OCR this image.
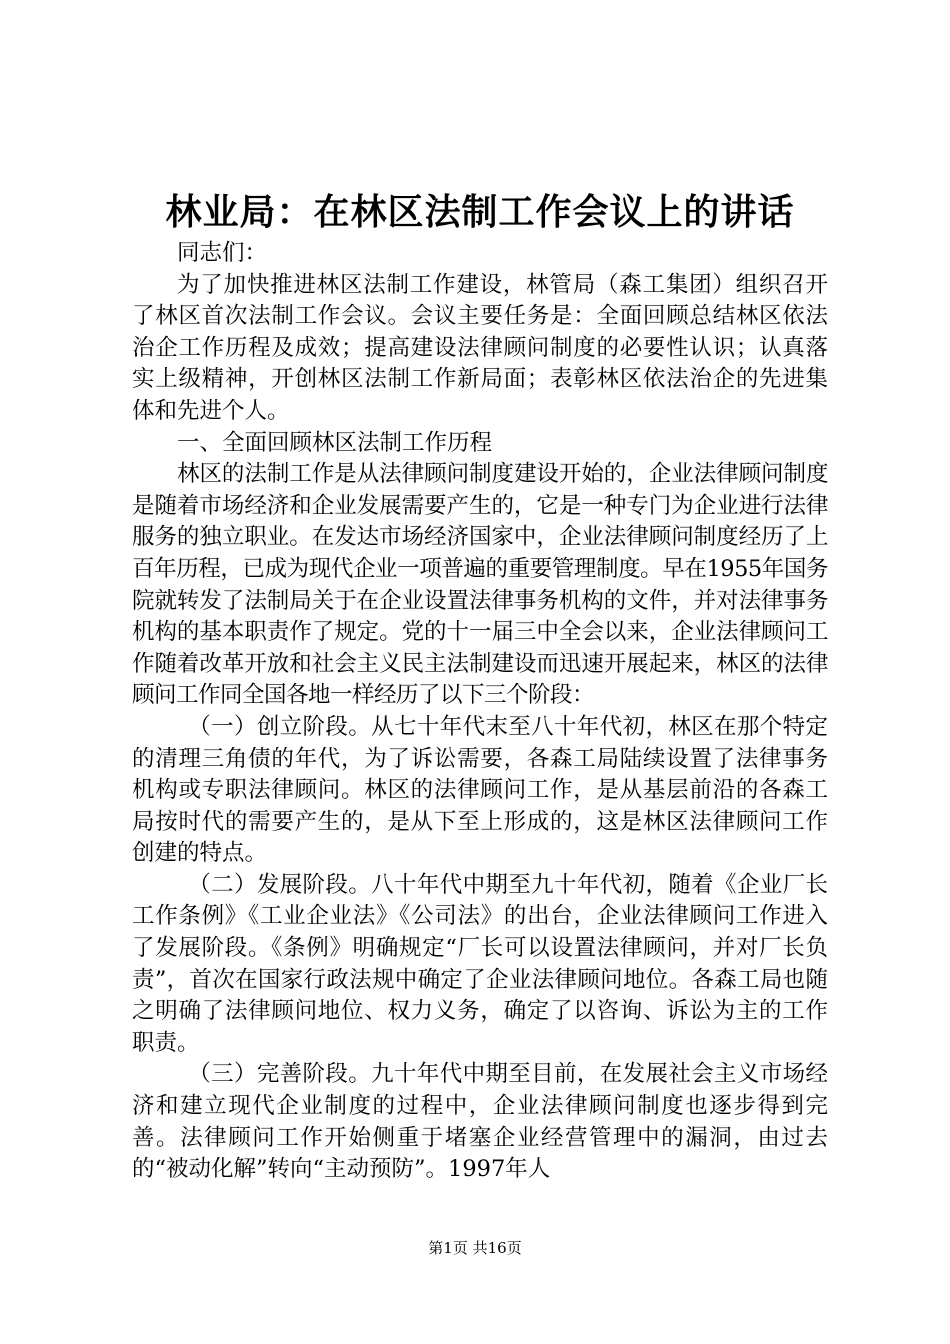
林业局：在林区法制工作会议上的讲话

同志们：

为了加快推进林区法制工作建设，林管局（森工集团）组织召开了林区首次法制工作会议。会议主要任务是：全面回顾总结林区依法治企工作历程及成效；提高建设法律顾问制度的必要性认识；认真落实上级精神，开创林区法制工作新局面；表彰林区依法治企的先进集体和先进个人。

一、全面回顾林区法制工作历程

林区的法制工作是从法律顾问制度建设开始的，企业法律顾问制度是随着市场经济和企业发展需要产生的，它是一种专门为企业进行法律服务的独立职业。在发达市场经济国家中，企业法律顾问制度经历了上百年历程，已成为现代企业一项普遍的重要管理制度。早在1955年国务院就转发了法制局关于在企业设置法律事务机构的文件，并对法律事务机构的基本职责作了规定。党的十一届三中全会以来，企业法律顾问工作随着改革开放和社会主义民主法制建设而迅速开展起来，林区的法律顾问工作同全国各地一样经历了以下三个阶段：

（一）创立阶段。从七十年代末至八十年代初，林区在那个特定的清理三角债的年代，为了诉讼需要，各森工局陆续设置了法律事务机构或专职法律顾问。林区的法律顾问工作，是从基层前沿的各森工局按时代的需要产生的，是从下至上形成的，这是林区法律顾问工作创建的特点。

（二）发展阶段。八十年代中期至九十年代初，随着《企业厂长工作条例》《工业企业法》《公司法》的出台，企业法律顾问工作进入了发展阶段。《条例》明确规定“厂长可以设置法律顾问，并对厂长负责”，首次在国家行政法规中确定了企业法律顾问地位。各森工局也随之明确了法律顾问地位、权力义务，确定了以咨询、诉讼为主的工作职责。

（三）完善阶段。九十年代中期至目前，在发展社会主义市场经济和建立现代企业制度的过程中，企业法律顾问制度也逐步得到完善。法律顾问工作开始侧重于堵塞企业经营管理中的漏洞，由过去的“被动化解”转向“主动预防”。1997年人

第1页 共16页
